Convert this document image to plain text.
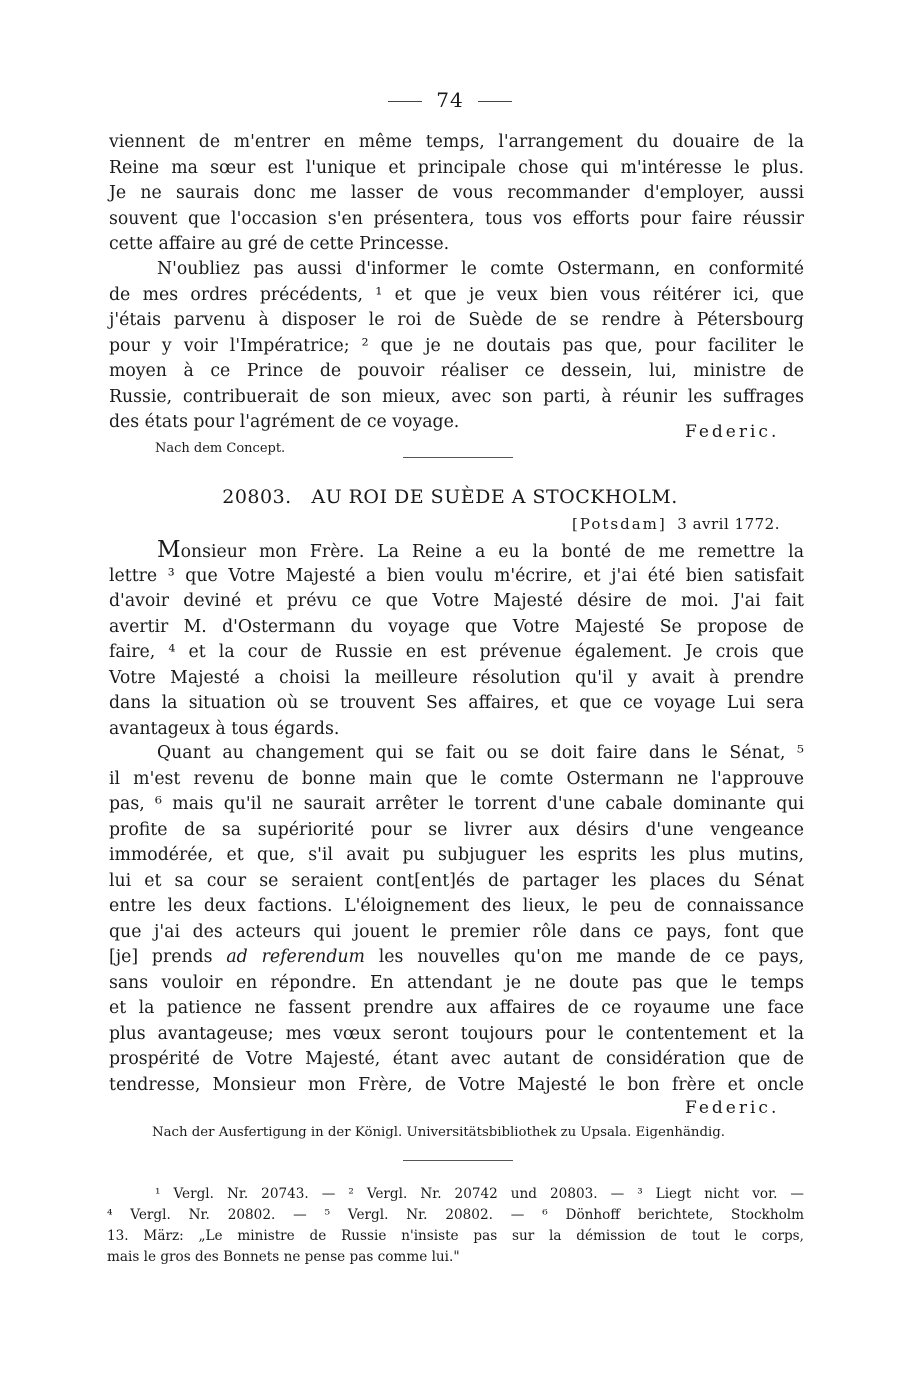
74
viennent de m'entrer en même temps, l'arrangement du douaire de la
Reine ma sœur est l'unique et principale chose qui m'intéresse le plus.
Je ne saurais donc me lasser de vous recommander d'employer, aussi
souvent que l'occasion s'en présentera, tous vos efforts pour faire réussir
cette affaire au gré de cette Princesse.
N'oubliez pas aussi d'informer le comte Ostermann, en conformité
de mes ordres précédents, ¹ et que je veux bien vous réitérer ici, que
j'étais parvenu à disposer le roi de Suède de se rendre à Pétersbourg
pour y voir l'Impératrice; ² que je ne doutais pas que, pour faciliter le
moyen à ce Prince de pouvoir réaliser ce dessein, lui, ministre de
Russie, contribuerait de son mieux, avec son parti, à réunir les suffrages
des états pour l'agrément de ce voyage.	Federic.
Nach dem Concept.
20803. AU ROI DE SUÈDE A STOCKHOLM.
[Potsdam] 3 avril 1772.
Monsieur mon Frère. La Reine a eu la bonté de me remettre la
lettre ³ que Votre Majesté a bien voulu m'écrire, et j'ai été bien satisfait
d'avoir deviné et prévu ce que Votre Majesté désire de moi. J'ai fait
avertir M. d'Ostermann du voyage que Votre Majesté Se propose de
faire, ⁴ et la cour de Russie en est prévenue également. Je crois que
Votre Majesté a choisi la meilleure résolution qu'il y avait à prendre
dans la situation où se trouvent Ses affaires, et que ce voyage Lui sera
avantageux à tous égards.
Quant au changement qui se fait ou se doit faire dans le Sénat, ⁵
il m'est revenu de bonne main que le comte Ostermann ne l'approuve
pas, ⁶ mais qu'il ne saurait arrêter le torrent d'une cabale dominante qui
profite de sa supériorité pour se livrer aux désirs d'une vengeance
immodérée, et que, s'il avait pu subjuguer les esprits les plus mutins,
lui et sa cour se seraient cont[ent]és de partager les places du Sénat
entre les deux factions. L'éloignement des lieux, le peu de connaissance
que j'ai des acteurs qui jouent le premier rôle dans ce pays, font que
[je] prends ad referendum les nouvelles qu'on me mande de ce pays,
sans vouloir en répondre. En attendant je ne doute pas que le temps
et la patience ne fassent prendre aux affaires de ce royaume une face
plus avantageuse; mes vœux seront toujours pour le contentement et la
prospérité de Votre Majesté, étant avec autant de considération que de
tendresse, Monsieur mon Frère, de Votre Majesté le bon frère et oncle
Federic.
Nach der Ausfertigung in der Königl. Universitätsbibliothek zu Upsala. Eigenhändig.
¹ Vergl. Nr. 20743. — ² Vergl. Nr. 20742 und 20803. — ³ Liegt nicht vor. —
⁴ Vergl. Nr. 20802. — ⁵ Vergl. Nr. 20802. — ⁶ Dönhoff berichtete, Stockholm
13. März: „Le ministre de Russie n'insiste pas sur la démission de tout le corps,
mais le gros des Bonnets ne pense pas comme lui."
